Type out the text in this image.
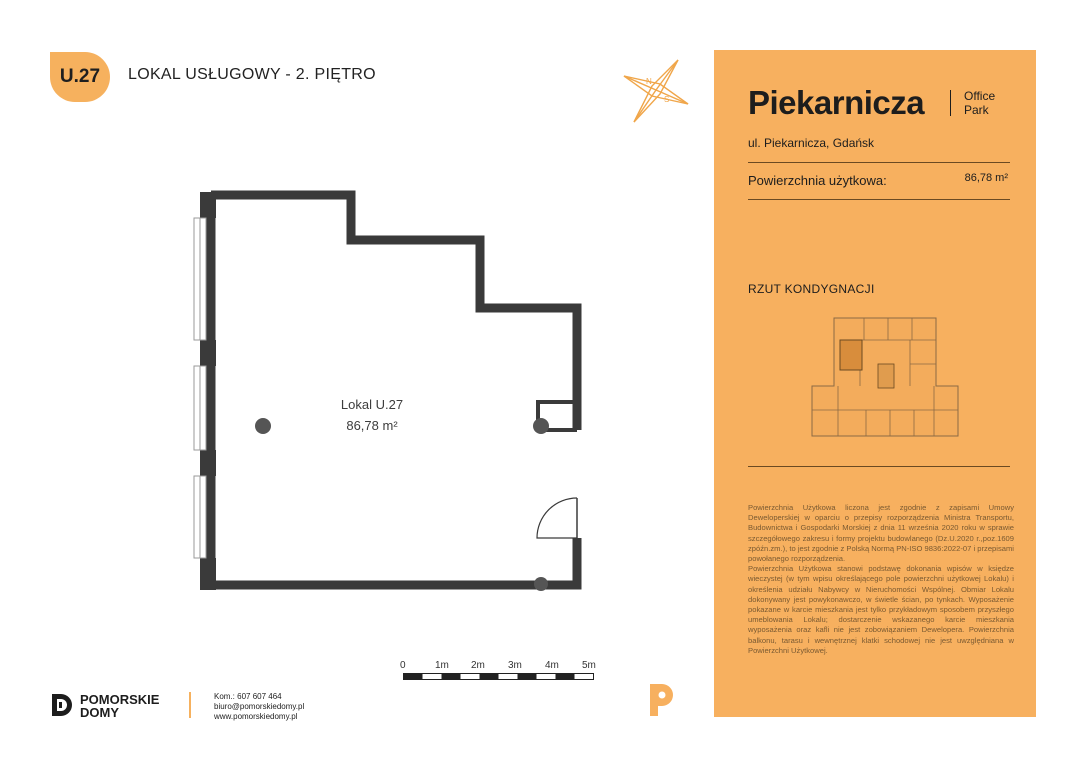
U.27 LOKAL USŁUGOWY - 2. PIĘTRO	N
S
Lokal U.27
86,78 m²
0	1m 2m 3m 4m 5m
Piekarnicza	Office
Park
ul. Piekarnicza, Gdańsk
Powierzchnia użytkowa:	86,78 m²
RZUT KONDYGNACJI

Powierzchnia Użytkowa liczona jest zgodnie z zapisami Umowy Deweloperskiej w oparciu o przepisy rozporządzenia Ministra Transportu, Budownictwa i Gospodarki Morskiej z dnia 11 września 2020 roku w sprawie szczegółowego zakresu i formy projektu budowlanego (Dz.U.2020 r.,poz.1609 zpóźn.zm.), to jest zgodnie z Polską Normą PN-ISO 9836:2022-07 i przepisami powołanego rozporządzenia.

Powierzchnia Użytkowa stanowi podstawę dokonania wpisów w księdze wieczystej (w tym wpisu określającego pole powierzchni użytkowej Lokalu) i określenia udziału Nabywcy w Nieruchomości Wspólnej. Obmiar Lokalu dokonywany jest powykonawczo, w świetle ścian, po tynkach. Wyposażenie pokazane w karcie mieszkania jest tylko przykładowym sposobem przyszłego umeblowania Lokalu; dostarczenie wskazanego karcie mieszkania wyposażenia oraz kafli nie jest zobowiązaniem Dewelopera. Powierzchnia balkonu, tarasu i wewnętrznej klatki schodowej nie jest uwzględniana w Powierzchni Użytkowej.

POMORSKIE
DOMY
Kom.: 607 607 464
biuro@pomorskiedomy.pl
www.pomorskiedomy.pl
